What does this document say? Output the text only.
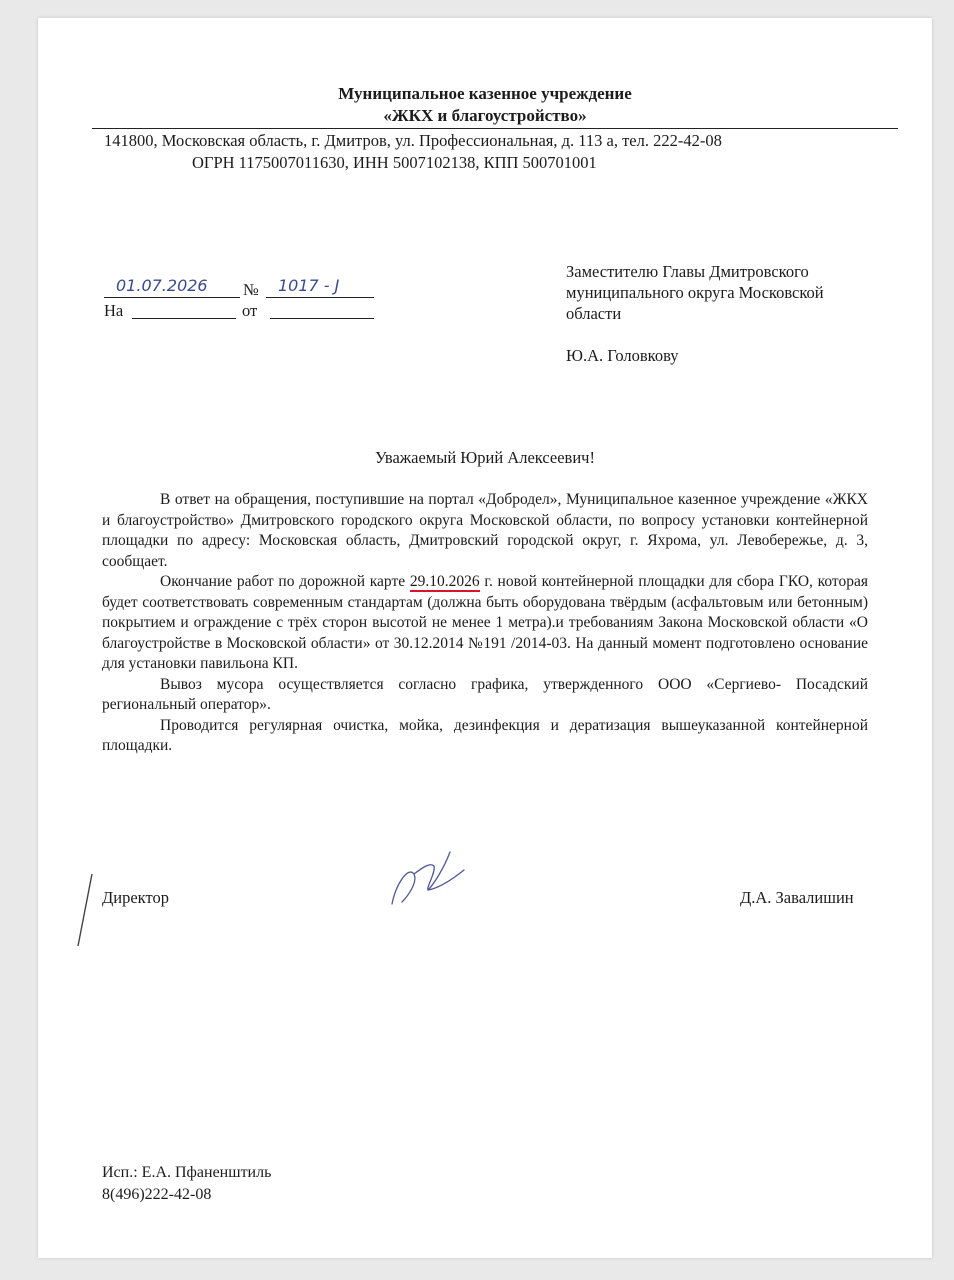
Муниципальное казенное учреждение
«ЖКХ и благоустройство»
141800, Московская область, г. Дмитров, ул. Профессиональная, д. 113 а, тел. 222-42-08
ОГРН 1175007011630, ИНН 5007102138, КПП 500701001
01.07.2026 № 1017 - Ј
На	от
Заместителю Главы Дмитровского
муниципального округа Московской
области
Ю.А. Головкову
Уважаемый Юрий Алексеевич!

В ответ на обращения, поступившие на портал «Добродел», Муниципальное казенное учреждение «ЖКХ и благоустройство» Дмитровского городского округа Московской области, по вопросу установки контейнерной площадки по адресу: Московская область, Дмитровский городской округ, г. Яхрома, ул. Левобережье, д. 3, сообщает.

Окончание работ по дорожной карте 29.10.2026 г. новой контейнерной площадки для сбора ГКО, которая будет соответствовать современным стандартам (должна быть оборудована твёрдым (асфальтовым или бетонным) покрытием и ограждение с трёх сторон высотой не менее 1 метра).и требованиям Закона Московской области «О благоустройстве в Московской области» от 30.12.2014 №191 /2014-03. На данный момент подготовлено основание для установки павильона КП.

Вывоз мусора осуществляется согласно графика, утвержденного ООО «Сергиево- Посадский региональный оператор».

Проводится регулярная очистка, мойка, дезинфекция и дератизация вышеуказанной контейнерной площадки.

Директор	Д.А. Завалишин
Исп.: Е.А. Пфаненштиль
8(496)222-42-08
